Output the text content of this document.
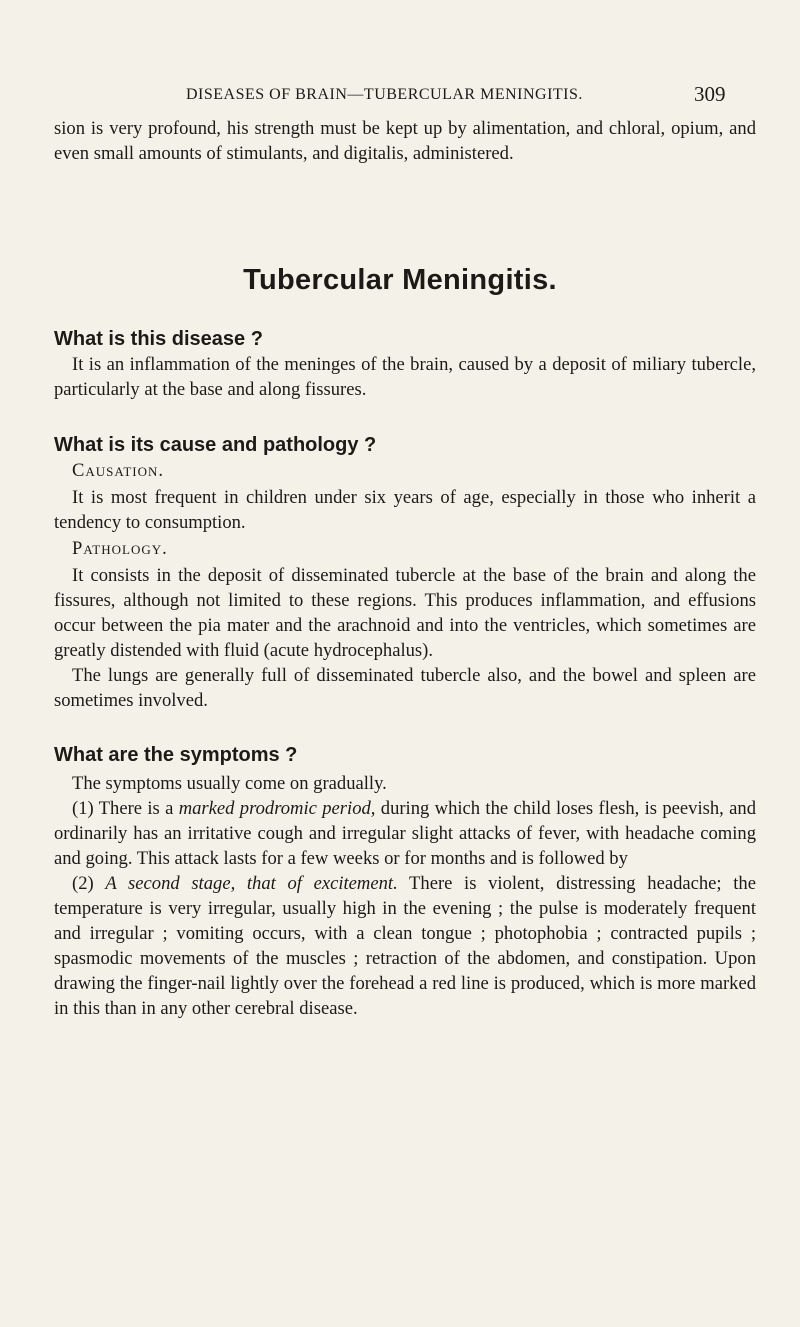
DISEASES OF BRAIN—TUBERCULAR MENINGITIS.	309

sion is very profound, his strength must be kept up by alimentation, and chloral, opium, and even small amounts of stimulants, and digitalis, administered.

Tubercular Meningitis.
What is this disease ?

It is an inflammation of the meninges of the brain, caused by a deposit of miliary tubercle, particularly at the base and along fissures.

What is its cause and pathology ?
Causation.

It is most frequent in children under six years of age, especially in those who inherit a tendency to consumption.

Pathology.

It consists in the deposit of disseminated tubercle at the base of the brain and along the fissures, although not limited to these regions. This produces inflammation, and effusions occur between the pia mater and the arachnoid and into the ventricles, which sometimes are greatly distended with fluid (acute hydrocephalus).

The lungs are generally full of disseminated tubercle also, and the bowel and spleen are sometimes involved.

What are the symptoms ?

The symptoms usually come on gradually.

(1) There is a marked prodromic period, during which the child loses flesh, is peevish, and ordinarily has an irritative cough and irregular slight attacks of fever, with headache coming and going. This attack lasts for a few weeks or for months and is followed by

(2) A second stage, that of excitement. There is violent, distressing headache; the temperature is very irregular, usually high in the evening ; the pulse is moderately frequent and irregular ; vomiting occurs, with a clean tongue ; photophobia ; contracted pupils ; spasmodic movements of the muscles ; retraction of the abdomen, and constipation. Upon drawing the finger-nail lightly over the forehead a red line is produced, which is more marked in this than in any other cerebral disease.
